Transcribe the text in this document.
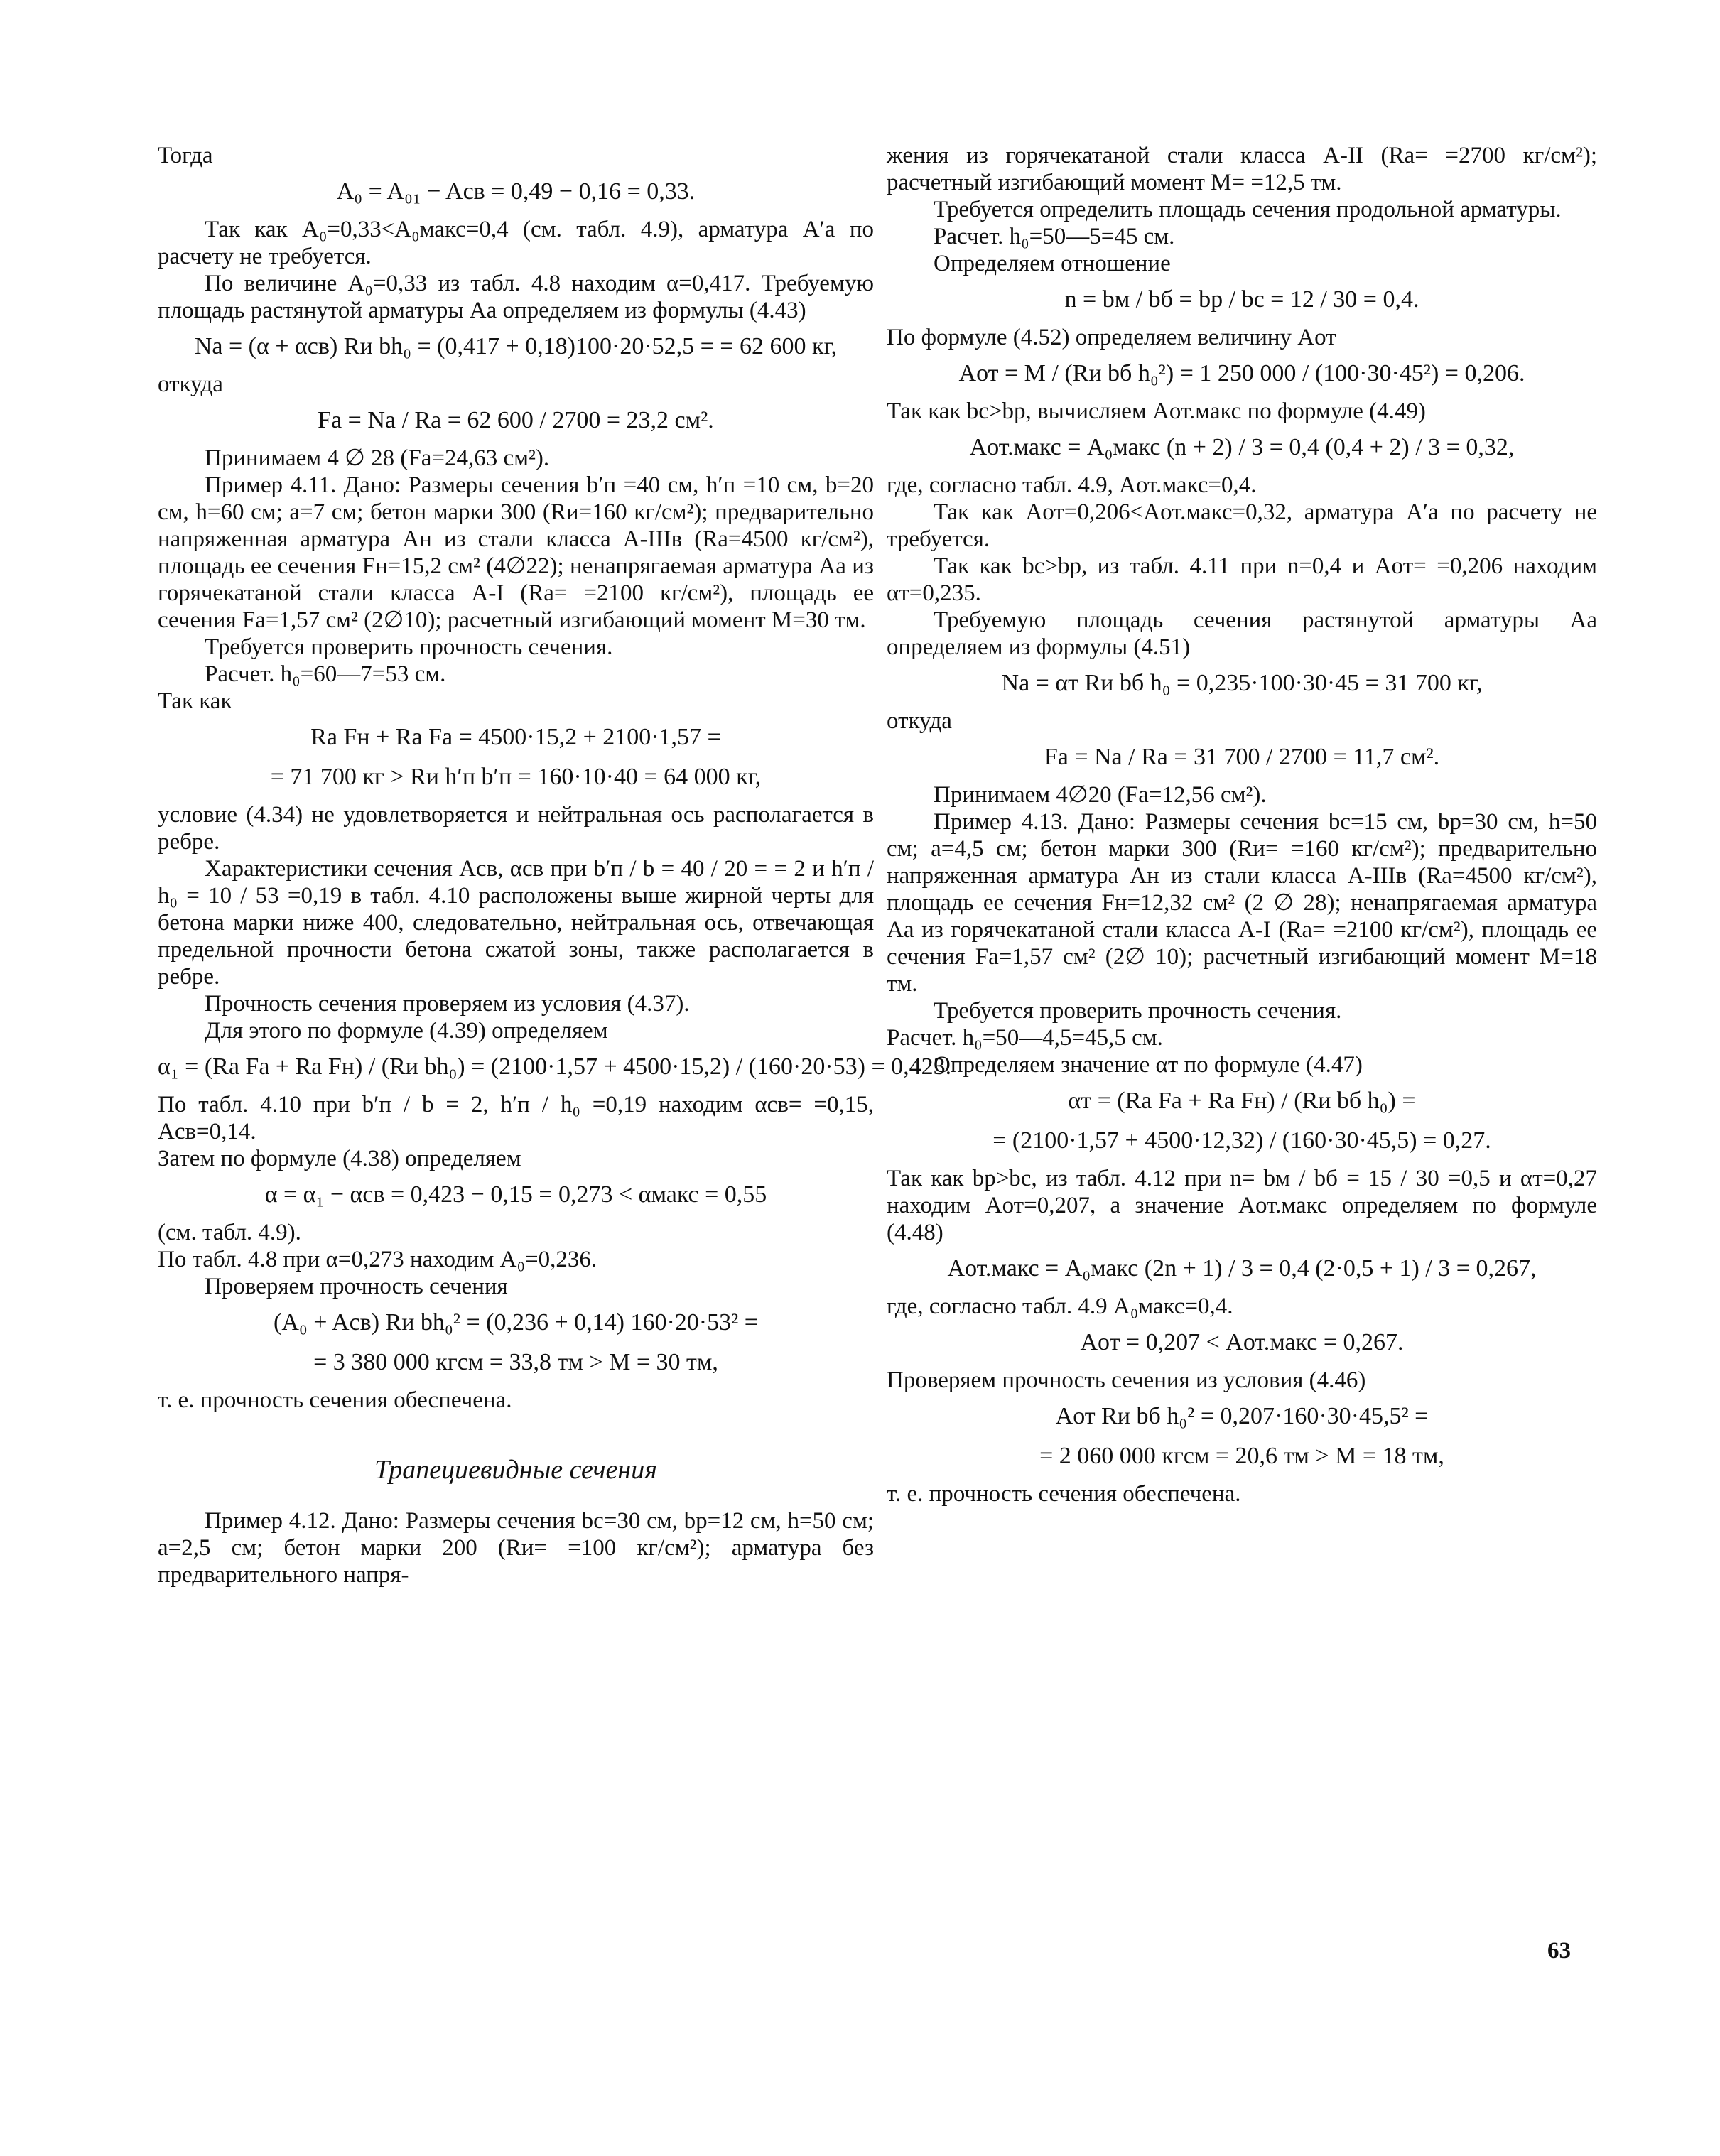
Тогда
A₀ = A₀₁ − Aсв = 0,49 − 0,16 = 0,33.
Так как A₀=0,33<A₀макс=0,4 (см. табл. 4.9), арматура A′а по расчету не требуется.
По величине A₀=0,33 из табл. 4.8 находим α=0,417. Требуемую площадь растянутой арматуры Aа определяем из формулы (4.43)
Nа = (α + αсв) Rи bh₀ = (0,417 + 0,18)100·20·52,5 = = 62 600 кг,
откуда
Fа = Nа / Rа = 62 600 / 2700 = 23,2 см².
Принимаем 4 ∅ 28 (Fа=24,63 см²).
Пример 4.11. Дано: Размеры сечения b′п =40 см, h′п =10 см, b=20 см, h=60 см; a=7 см; бетон марки 300 (Rи=160 кг/см²); предварительно напряженная арматура Aн из стали класса A-IIIв (Rа=4500 кг/см²), площадь ее сечения Fн=15,2 см² (4∅22); ненапрягаемая арматура Aа из горячекатаной стали класса A-I (Rа= =2100 кг/см²), площадь ее сечения Fа=1,57 см² (2∅10); расчетный изгибающий момент M=30 тм.
Требуется проверить прочность сечения.
Расчет. h₀=60—7=53 см.
Так как
Rа Fн + Rа Fа = 4500·15,2 + 2100·1,57 =
= 71 700 кг > Rи h′п b′п = 160·10·40 = 64 000 кг,
условие (4.34) не удовлетворяется и нейтральная ось располагается в ребре.
Характеристики сечения Aсв, αсв при b′п / b = 40 / 20 = = 2 и h′п / h₀ = 10 / 53 =0,19 в табл. 4.10 расположены выше жирной черты для бетона марки ниже 400, следовательно, нейтральная ось, отвечающая предельной прочности бетона сжатой зоны, также располагается в ребре.
Прочность сечения проверяем из условия (4.37).
Для этого по формуле (4.39) определяем
α₁ = (Rа Fа + Rа Fн) / (Rи bh₀) = (2100·1,57 + 4500·15,2) / (160·20·53) = 0,423.
По табл. 4.10 при b′п / b = 2, h′п / h₀ =0,19 находим αсв= =0,15, Aсв=0,14.
Затем по формуле (4.38) определяем
α = α₁ − αсв = 0,423 − 0,15 = 0,273 < αмакс = 0,55
(см. табл. 4.9).
По табл. 4.8 при α=0,273 находим A₀=0,236.
Проверяем прочность сечения
(A₀ + Aсв) Rи bh₀² = (0,236 + 0,14) 160·20·53² =
= 3 380 000 кгсм = 33,8 тм > M = 30 тм,
т. е. прочность сечения обеспечена.
Трапециевидные сечения
Пример 4.12. Дано: Размеры сечения bс=30 см, bр=12 см, h=50 см; a=2,5 см; бетон марки 200 (Rи= =100 кг/см²); арматура без предварительного напря-
жения из горячекатаной стали класса A-II (Rа= =2700 кг/см²); расчетный изгибающий момент M= =12,5 тм.
Требуется определить площадь сечения продольной арматуры.
Расчет. h₀=50—5=45 см.
Определяем отношение
n = bм / bб = bр / bс = 12 / 30 = 0,4.
По формуле (4.52) определяем величину Aот
Aот = M / (Rи bб h₀²) = 1 250 000 / (100·30·45²) = 0,206.
Так как bс>bр, вычисляем Aот.макс по формуле (4.49)
Aот.макс = A₀макс (n + 2) / 3 = 0,4 (0,4 + 2) / 3 = 0,32,
где, согласно табл. 4.9, Aот.макс=0,4.
Так как Aот=0,206<Aот.макс=0,32, арматура A′а по расчету не требуется.
Так как bс>bр, из табл. 4.11 при n=0,4 и Aот= =0,206 находим αт=0,235.
Требуемую площадь сечения растянутой арматуры Aа определяем из формулы (4.51)
Nа = αт Rи bб h₀ = 0,235·100·30·45 = 31 700 кг,
откуда
Fа = Nа / Rа = 31 700 / 2700 = 11,7 см².
Принимаем 4∅20 (Fа=12,56 см²).
Пример 4.13. Дано: Размеры сечения bс=15 см, bр=30 см, h=50 см; a=4,5 см; бетон марки 300 (Rи= =160 кг/см²); предварительно напряженная арматура Aн из стали класса A-IIIв (Rа=4500 кг/см²), площадь ее сечения Fн=12,32 см² (2 ∅ 28); ненапрягаемая арматура Aа из горячекатаной стали класса A-I (Rа= =2100 кг/см²), площадь ее сечения Fа=1,57 см² (2∅ 10); расчетный изгибающий момент M=18 тм.
Требуется проверить прочность сечения.
Расчет. h₀=50—4,5=45,5 см.
Определяем значение αт по формуле (4.47)
αт = (Rа Fа + Rа Fн) / (Rи bб h₀) =
= (2100·1,57 + 4500·12,32) / (160·30·45,5) = 0,27.
Так как bр>bс, из табл. 4.12 при n= bм / bб = 15 / 30 =0,5 и αт=0,27 находим Aот=0,207, а значение Aот.макс определяем по формуле (4.48)
Aот.макс = A₀макс (2n + 1) / 3 = 0,4 (2·0,5 + 1) / 3 = 0,267,
где, согласно табл. 4.9 A₀макс=0,4.
Aот = 0,207 < Aот.макс = 0,267.
Проверяем прочность сечения из условия (4.46)
Aот Rи bб h₀² = 0,207·160·30·45,5² =
= 2 060 000 кгсм = 20,6 тм > M = 18 тм,
т. е. прочность сечения обеспечена.
63
